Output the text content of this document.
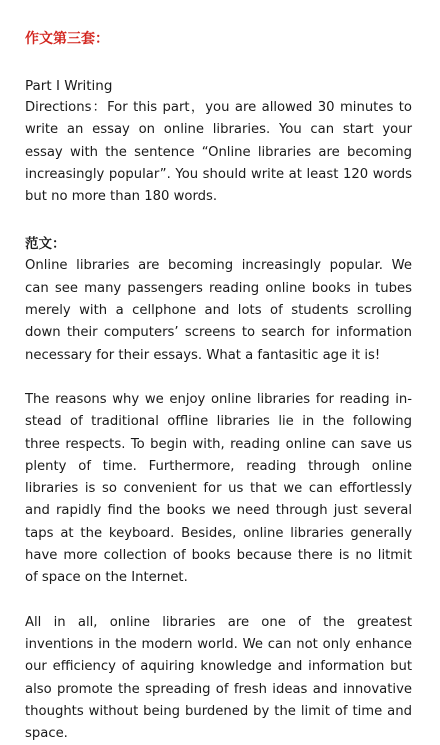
作文第三套：
Part I Writing

Directions：For this part，you are allowed 30 minutes to write an essay on online libraries. You can start your essay with the sentence “Online libraries are becoming increasingly popular”. You should write at least 120 words but no more than 180 words.

范文：

Online libraries are becoming increasingly popular. We can see many passengers reading online books in tubes merely with a cellphone and lots of students scrolling down their computers’ screens to search for information necessary for their essays. What a fantasitic age it is!

The reasons why we enjoy online libraries for reading instead of traditional offline libraries lie in the following three respects. To begin with, reading online can save us plenty of time. Furthermore, reading through online libraries is so convenient for us that we can effortlessly and rapidly find the books we need through just several taps at the keyboard. Besides, online libraries generally have more collection of books because there is no litmit of space on the Internet.

All in all, online libraries are one of the greatest inventions in the modern world. We can not only enhance our efficiency of aquiring knowledge and information but also promote the spreading of fresh ideas and innovative thoughts without being burdened by the limit of time and space.
